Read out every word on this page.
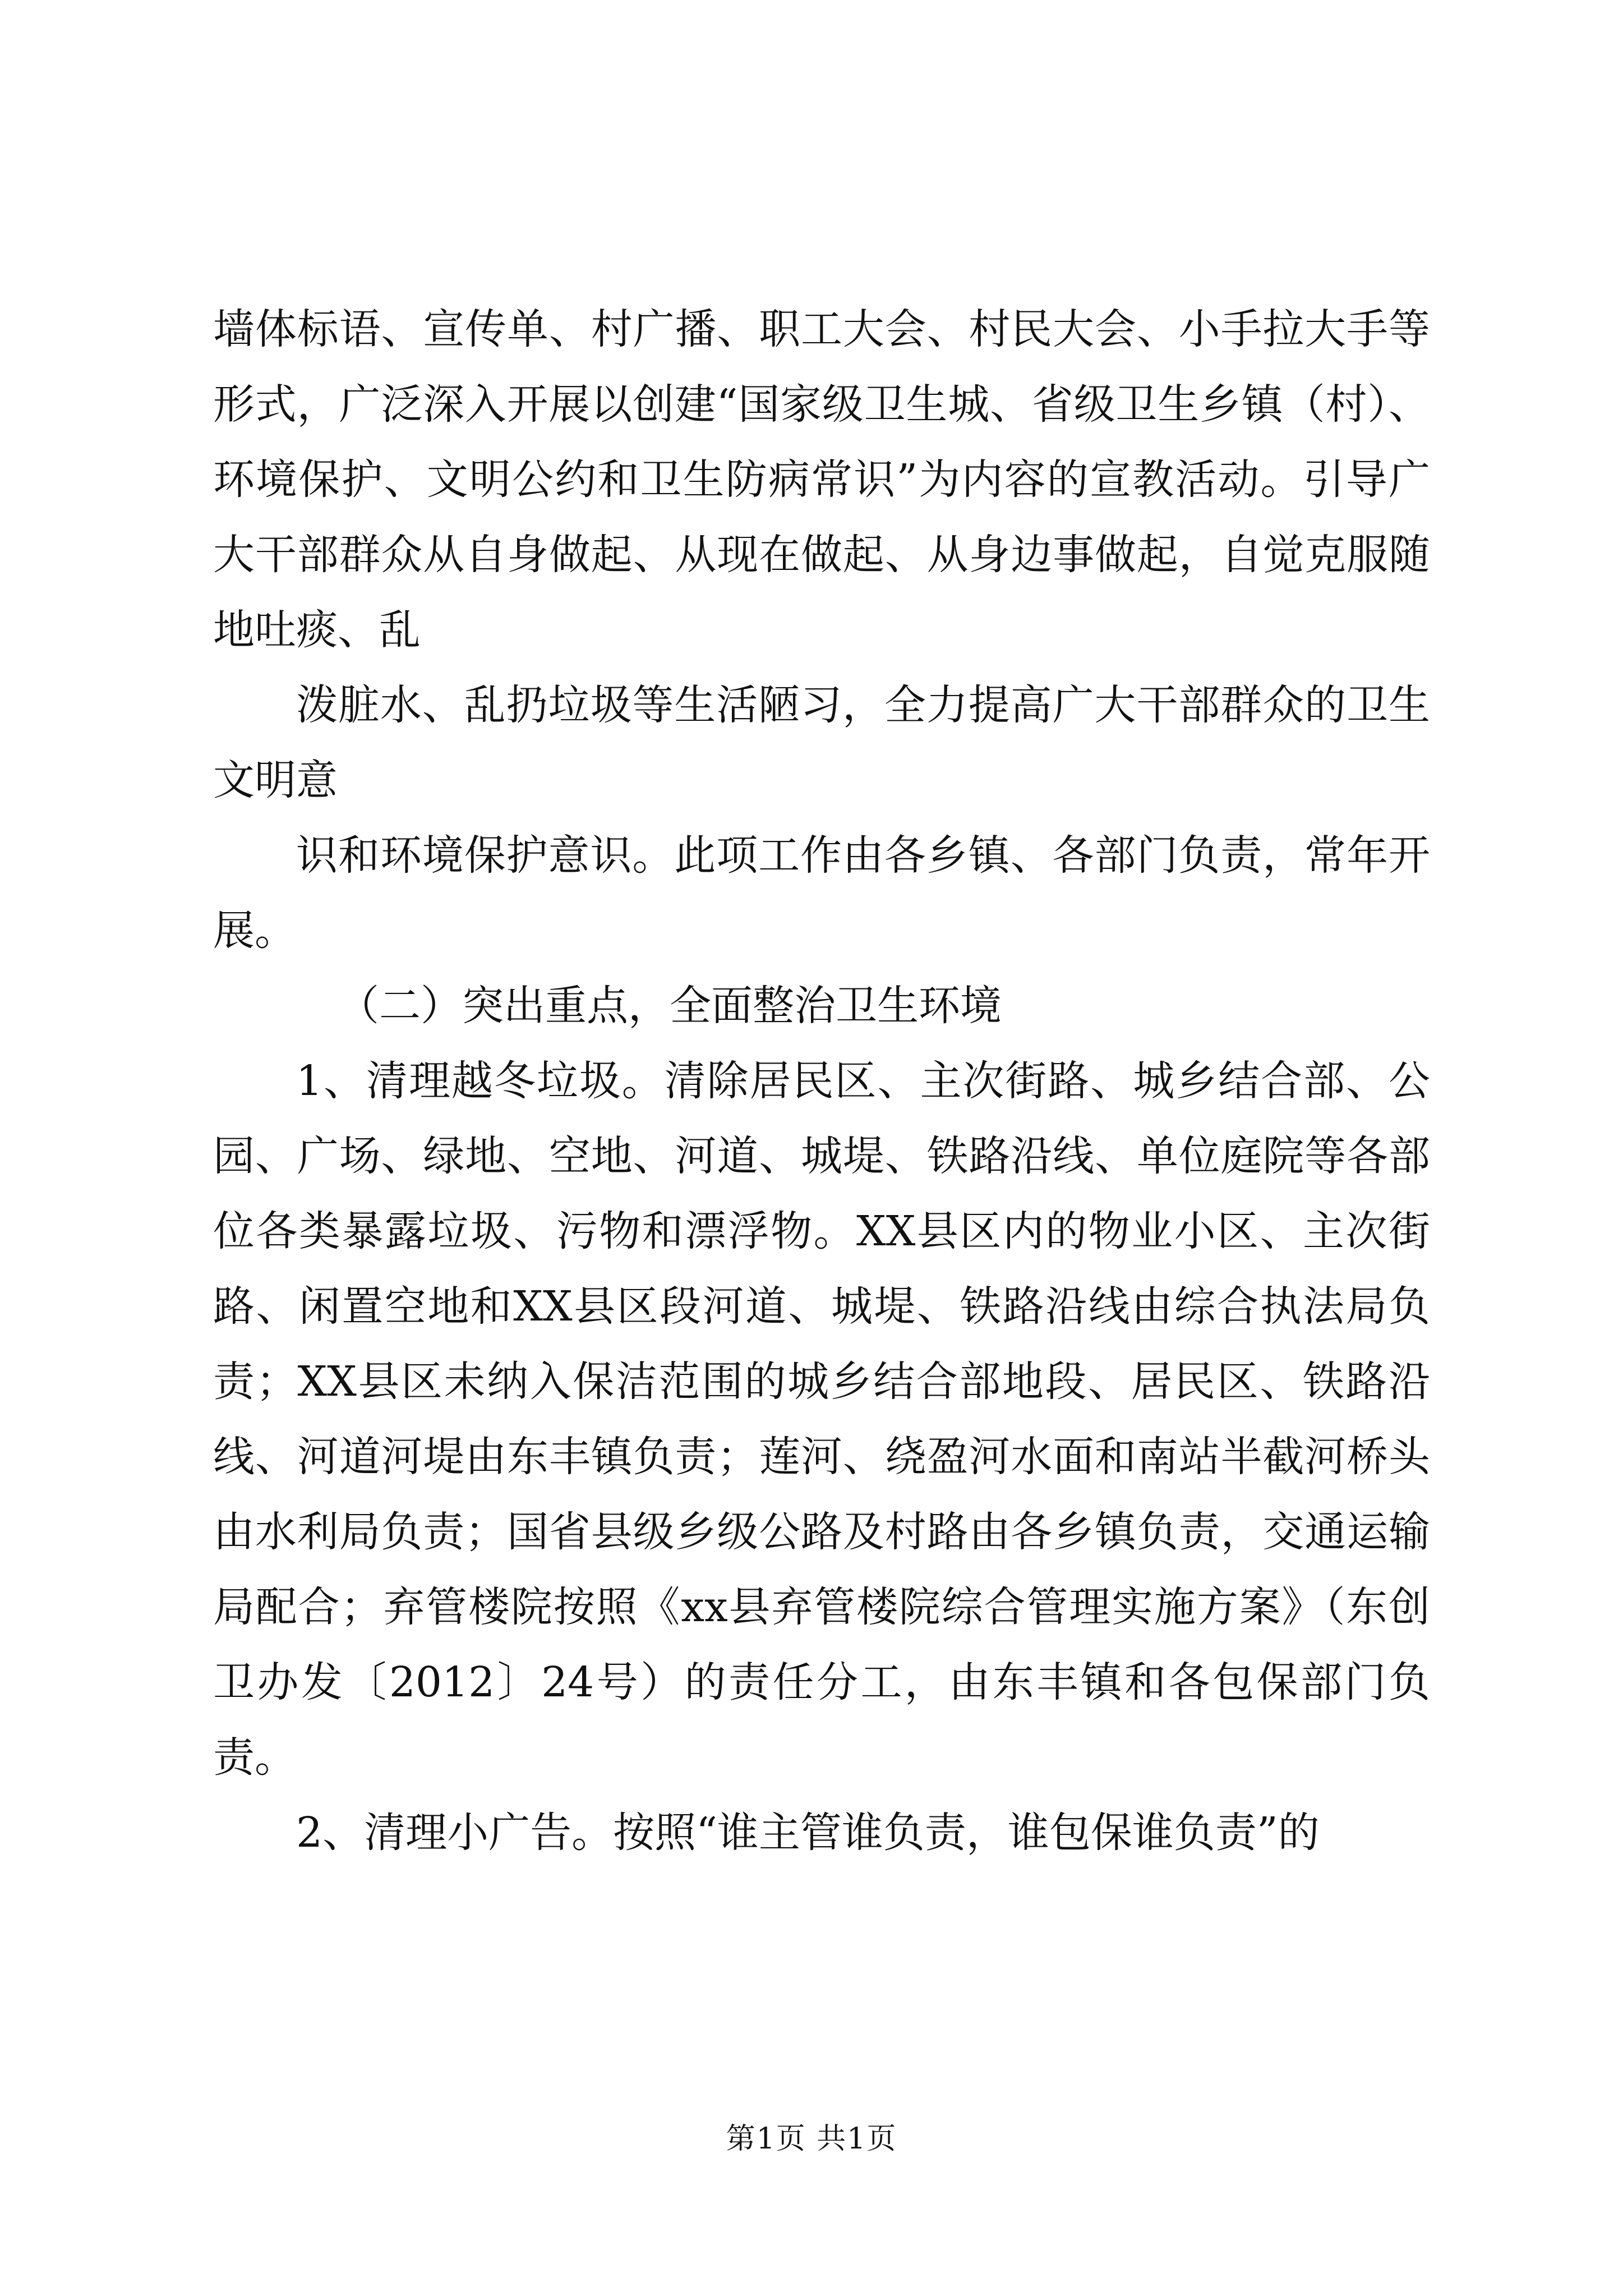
墙体标语、宣传单、村广播、职工大会、村民大会、小手拉大手等形式，广泛深入开展以创建“国家级卫生城、省级卫生乡镇（村）、环境保护、文明公约和卫生防病常识”为内容的宣教活动。引导广大干部群众从自身做起、从现在做起、从身边事做起，自觉克服随地吐痰、乱

泼脏水、乱扔垃圾等生活陋习，全力提高广大干部群众的卫生文明意

识和环境保护意识。此项工作由各乡镇、各部门负责，常年开展。

（二）突出重点，全面整治卫生环境

1、清理越冬垃圾。清除居民区、主次街路、城乡结合部、公园、广场、绿地、空地、河道、城堤、铁路沿线、单位庭院等各部位各类暴露垃圾、污物和漂浮物。XX县区内的物业小区、主次街路、闲置空地和XX县区段河道、城堤、铁路沿线由综合执法局负责；XX县区未纳入保洁范围的城乡结合部地段、居民区、铁路沿线、河道河堤由东丰镇负责；莲河、绕盈河水面和南站半截河桥头由水利局负责；国省县级乡级公路及村路由各乡镇负责，交通运输局配合；弃管楼院按照《xx县弃管楼院综合管理实施方案》（东创卫办发〔2012〕24号）的责任分工，由东丰镇和各包保部门负责。

2、清理小广告。按照“谁主管谁负责，谁包保谁负责”的

第1页 共1页
